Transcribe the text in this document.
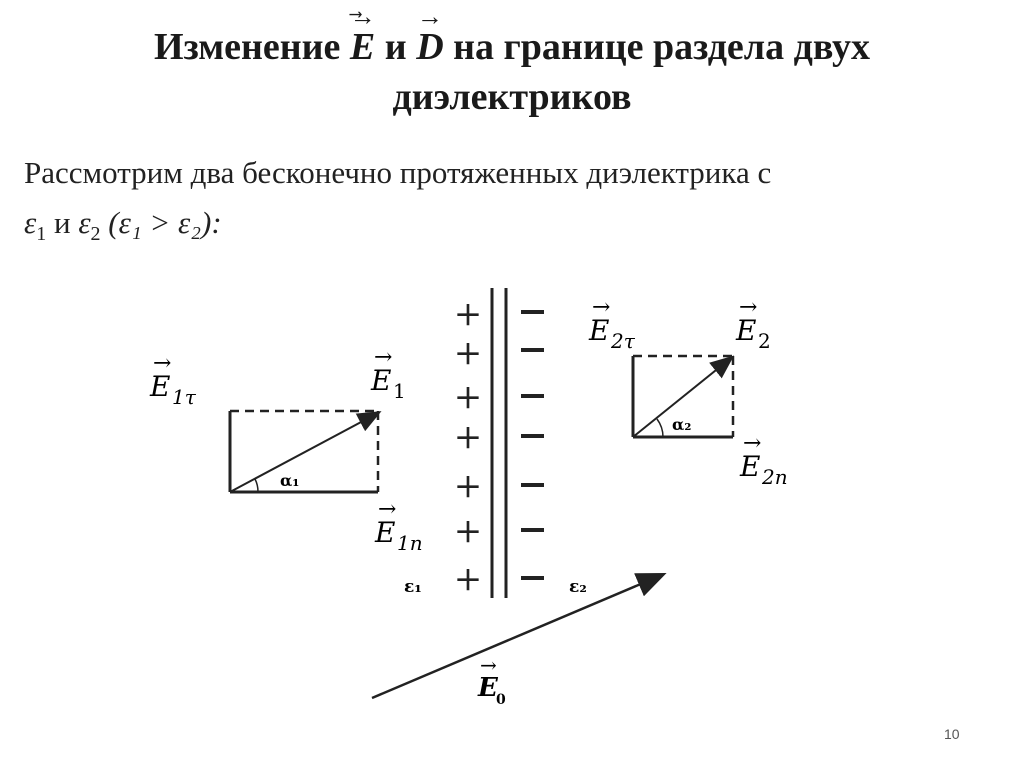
Изменение
→
E и
→
D на границе раздела двух
диэлектриков
Рассмотрим два бесконечно протяженных диэлектрика с
$\varepsilon_1$ и $\varepsilon_2$ (ε₁ > ε₂):
+
+
+
+
+
+
+
→
E 1τ
→
E 1
α₁
→
E 1n
→
E 2τ
→
E 2
α₂
→
E 2n
ε₁	ε₂
→
E
0
10
